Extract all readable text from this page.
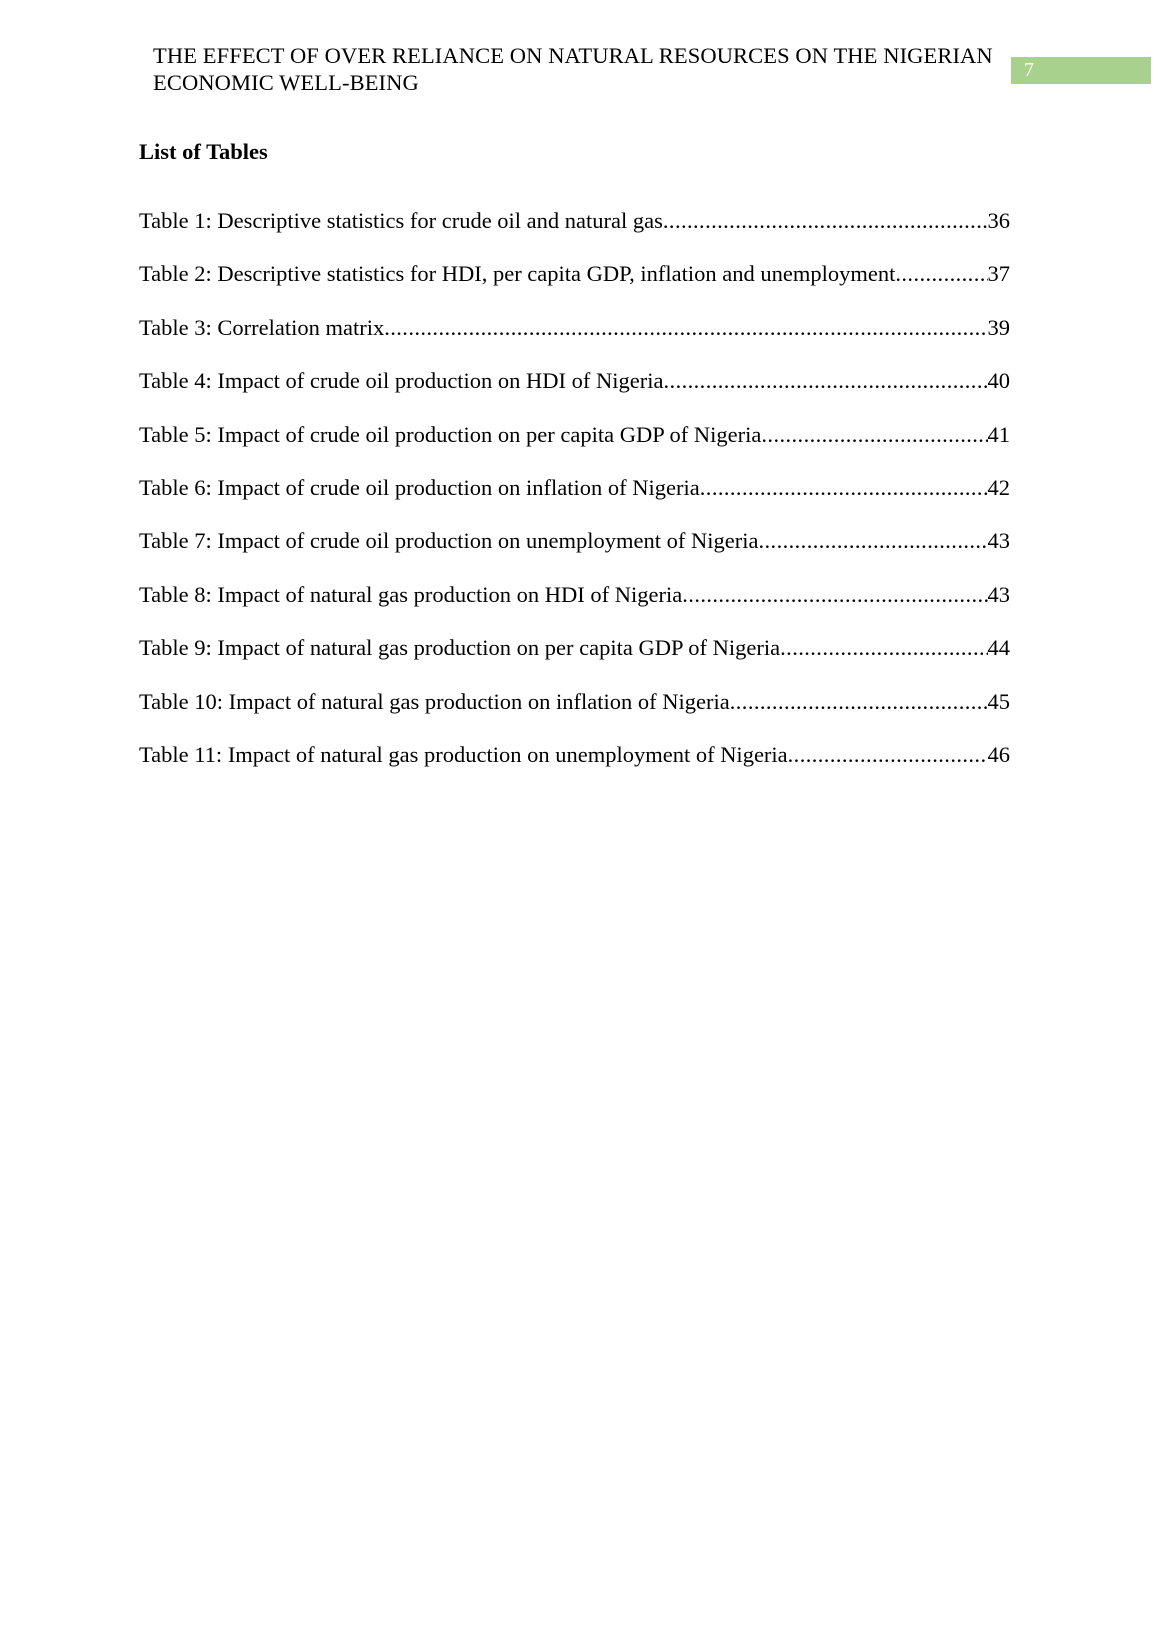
THE EFFECT OF OVER RELIANCE ON NATURAL RESOURCES ON THE NIGERIAN
ECONOMIC WELL-BEING	7
List of Tables
Table 1: Descriptive statistics for crude oil and natural gas .....	36
Table 2: Descriptive statistics for HDI, per capita GDP, inflation and unemployment .....	37
Table 3: Correlation matrix .....	39
Table 4: Impact of crude oil production on HDI of Nigeria .....	40
Table 5: Impact of crude oil production on per capita GDP of Nigeria .....	41
Table 6: Impact of crude oil production on inflation of Nigeria .....	42
Table 7: Impact of crude oil production on unemployment of Nigeria .....	43
Table 8: Impact of natural gas production on HDI of Nigeria .....	43
Table 9: Impact of natural gas production on per capita GDP of Nigeria .....	44
Table 10: Impact of natural gas production on inflation of Nigeria .....	45
Table 11: Impact of natural gas production on unemployment of Nigeria .....	46
